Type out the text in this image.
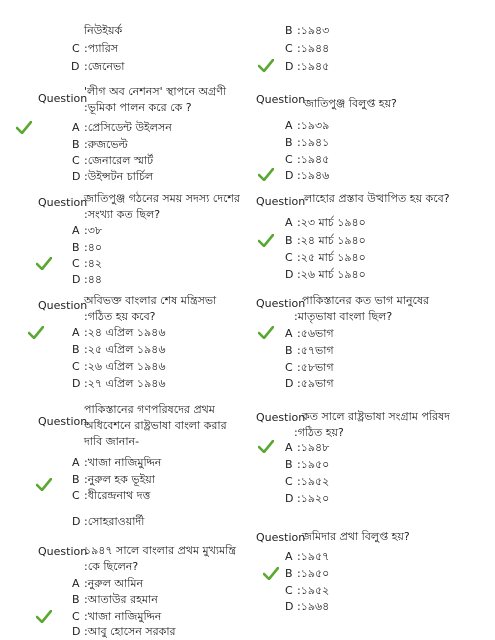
নিউইয়র্ক
C :প্যারিস
D :জেনেভা
Question
'লীগ অব নেশনস' স্থাপনে অগ্রণী
:ভূমিকা পালন করে কে ?
A :প্রেসিডেন্ট উইলসন
B :রুজভেল্ট
C :জেনারেল স্মার্ট
D :উইন্সটন চার্চিল
Question
জাতিপুঞ্জ গঠনের সময় সদস্য দেশের
:সংখ্যা কত ছিল?
A :৩৮
B :৪০
C :৪২
D :৪৪
Question
অবিভক্ত বাংলার শেষ মন্ত্রিসভা
:গঠিত হয় কবে?
A :২৪ এপ্রিল ১৯৪৬
B :২৫ এপ্রিল ১৯৪৬
C :২৬ এপ্রিল ১৯৪৬
D :২৭ এপ্রিল ১৯৪৬
পাকিস্তানের গণপরিষদের প্রথম
Question
অধিবেশনে রাষ্ট্রভাষা বাংলা করার
দাবি জানান-
A :খাজা নাজিমুদ্দিন
B :নুরুল হক ভূইয়া
C :ধীরেন্দ্রনাথ দত্ত
D :সোহরাওয়ার্দী
Question
১৯৪৭ সালে বাংলার প্রথম মুখ্যমন্ত্রি
:কে ছিলেন?
A :নুরুল আমিন
B :আতাউর রহমান
C :খাজা নাজিমুদ্দিন
D :আবু হোসেন সরকার
B :১৯৪৩
C :১৯৪৪
D :১৯৪৫
Question
জাতিপুঞ্জ বিলুপ্ত হয়?
A :১৯৩৯
B :১৯৪১
C :১৯৪৫
D :১৯৪৬
Question
লাহোর প্রস্তাব উত্থাপিত হয় কবে?
A :২৩ মার্চ ১৯৪০
B :২৪ মার্চ ১৯৪০
C :২৫ মার্চ ১৯৪০
D :২৬ মার্চ ১৯৪০
Question
পাকিস্তানের কত ভাগ মানুষের
:মাতৃভাষা বাংলা ছিল?
A :৫৬ভাগ
B :৫৭ভাগ
C :৫৮ভাগ
D :৫৯ভাগ
Question
কত সালে রাষ্ট্রভাষা সংগ্রাম পরিষদ
:গঠিত হয়?
A :১৯৪৮
B :১৯৫০
C :১৯৫২
D :১৯২০
Question
জমিদার প্রথা বিলুপ্ত হয়?
A :১৯৫৭
B :১৯৫০
C :১৯৫২
D :১৯৬৪
